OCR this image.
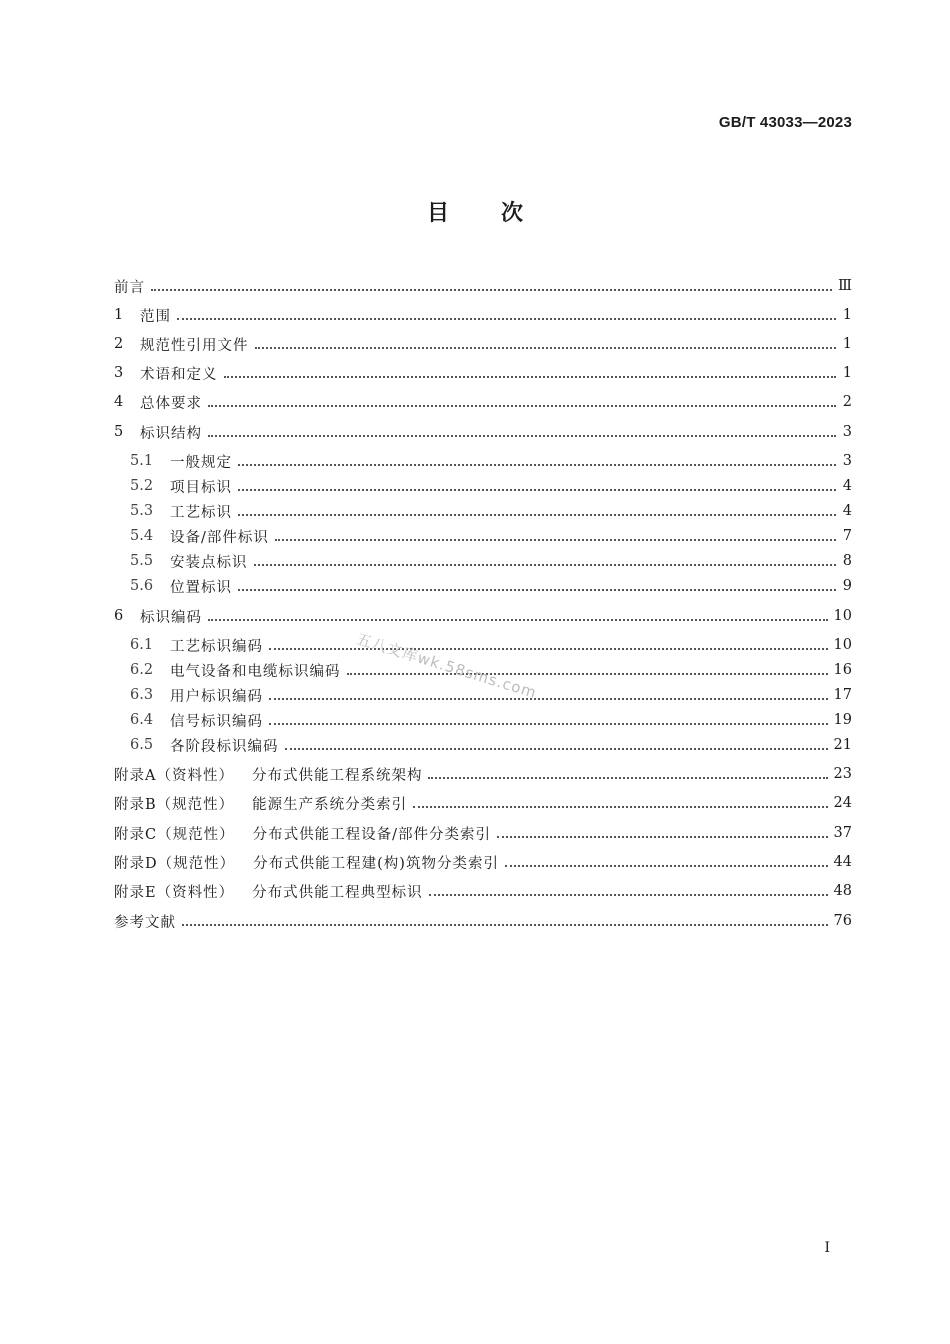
GB/T 43033—2023
目 次
前言	Ⅲ
1	范围	1
2	规范性引用文件	1
3	术语和定义	1
4	总体要求	2
5	标识结构	3
5.1	一般规定	3
5.2	项目标识	4
5.3	工艺标识	4
5.4	设备/部件标识	7
5.5	安装点标识	8
5.6	位置标识	9
6	标识编码	10
6.1	工艺标识编码	10
6.2	电气设备和电缆标识编码	16
6.3	用户标识编码	17
6.4	信号标识编码	19
6.5	各阶段标识编码	21
附录A（资料性） 分布式供能工程系统架构	23
附录B（规范性） 能源生产系统分类索引	24
附录C（规范性） 分布式供能工程设备/部件分类索引	37
附录D（规范性） 分布式供能工程建(构)筑物分类索引	44
附录E（资料性） 分布式供能工程典型标识	48
参考文献	76
五八文库wk.58sms.com
I
